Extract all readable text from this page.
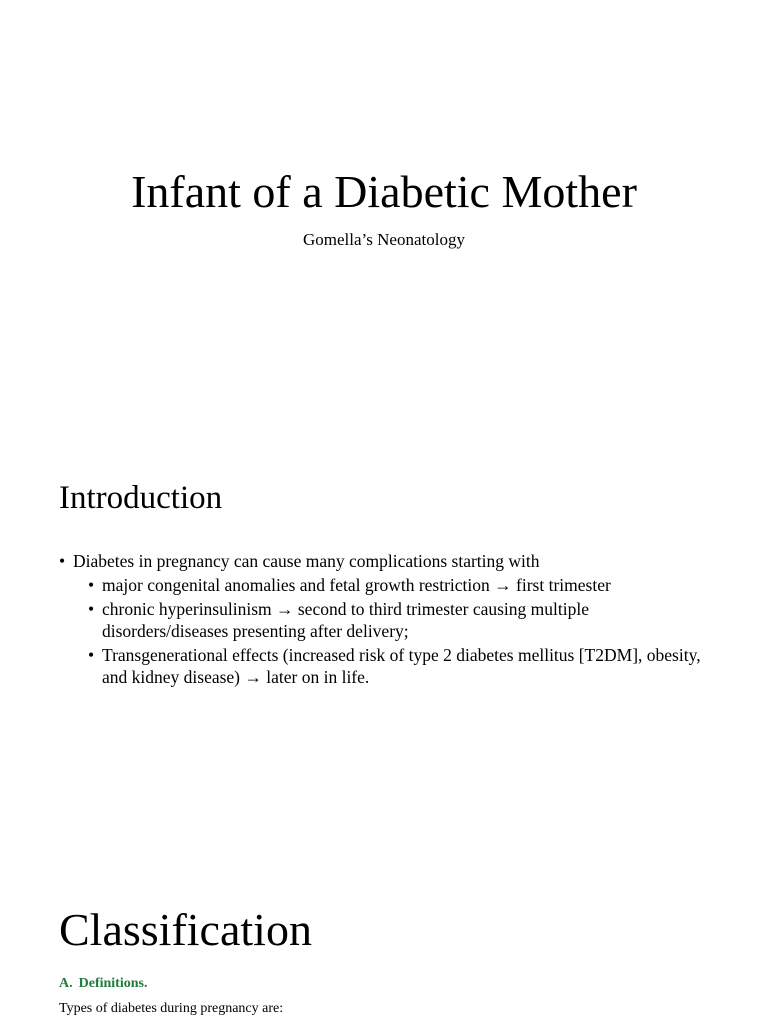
Infant of a Diabetic Mother

Gomella’s Neonatology

Introduction
• Diabetes in pregnancy can cause many complications starting with
• major congenital anomalies and fetal growth restriction → first trimester
• chronic hyperinsulinism → second to third trimester causing multiple disorders/diseases presenting after delivery;
• Transgenerational effects (increased risk of type 2 diabetes mellitus [T2DM], obesity, and kidney disease) → later on in life.
Classification

A. Definitions.

Types of diabetes during pregnancy are:
